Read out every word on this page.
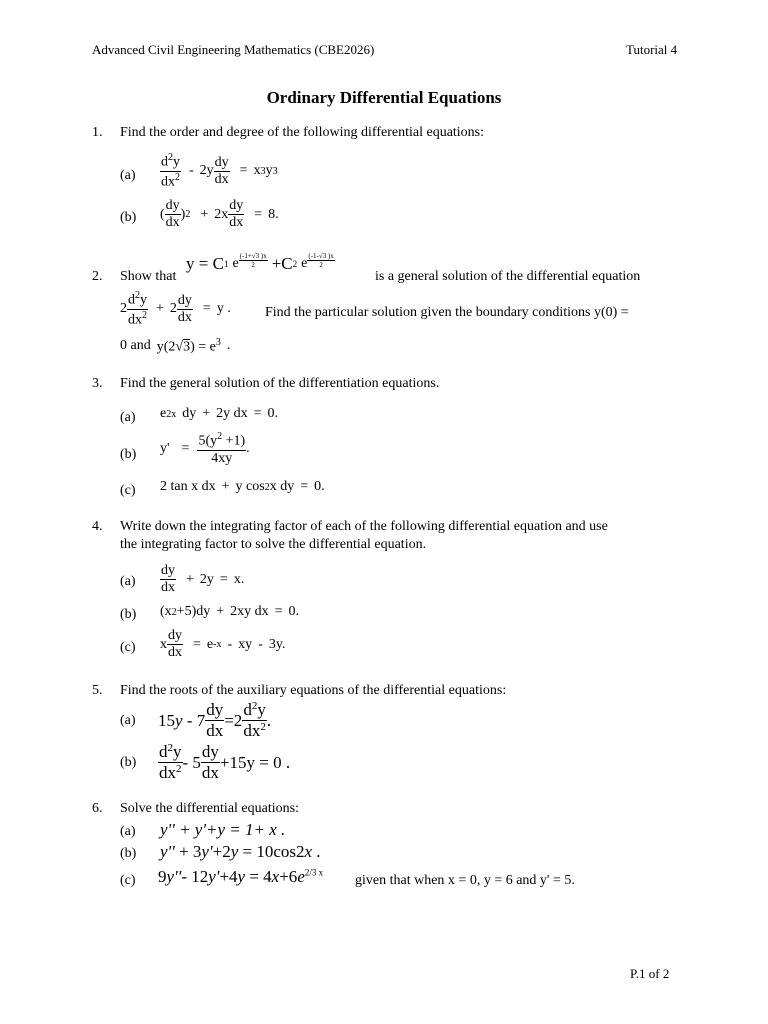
Advanced Civil Engineering Mathematics (CBE2026)	Tutorial 4
Ordinary Differential Equations
1. Find the order and degree of the following differential equations:
$(a) \frac{d^2y}{dx^2} - 2y \frac{dy}{dx} = x$ 3 y 3
(b) ( $\frac{dy}{dx}$ ) $2 + 2x \frac{dy}{dx} = 8$.
2. Show that
y = C 1 e $\frac{(-1+√3 )x}{2} +C$ 2 e $\frac{(-1-√3 )x}{2}$
is a general solution of the differential equation
$2 \frac{d^2y}{dx^2} + 2 \frac{dy}{dx} = y$ . Find the particular solution given the boundary conditions y(0) =
0 and $y(2√3) = e^3$ .
3. Find the general solution of the differentiation equations.
(a) e 2x dy + 2y dx = 0.
(b) $y' = \frac{5(y^2 +1)}{4xy}$ .
(c) 2 tan x dx + y cos 2 x dy = 0.
4. Write down the integrating factor of each of the following differential equation and use
the integrating factor to solve the differential equation.
$(a) \frac{dy}{dx} + 2y = x$.
(b) (x 2 +5)dy + 2xy dx = 0.
(c) x $\frac{dy}{dx} = e$ -x - xy - 3y.
5. Find the roots of the auxiliary equations of the differential equations:
(a) $15y - 7 \frac{dy}{dx} =2 \frac{d^2y}{dx^2}$ .
$(b) \frac{d^2y}{dx^2} - 5 \frac{dy}{dx} +15y = 0$ .
6. Solve the differential equations:
(a) y'' + y'+y = 1+ x .
(b) y'' + 3y'+2y = 10cos2x .
(c) 9y''- $12y'+4y = 4x+6e^{2/3 x}$
given that when x = 0, y = 6 and y' = 5.
P.1 of 2
